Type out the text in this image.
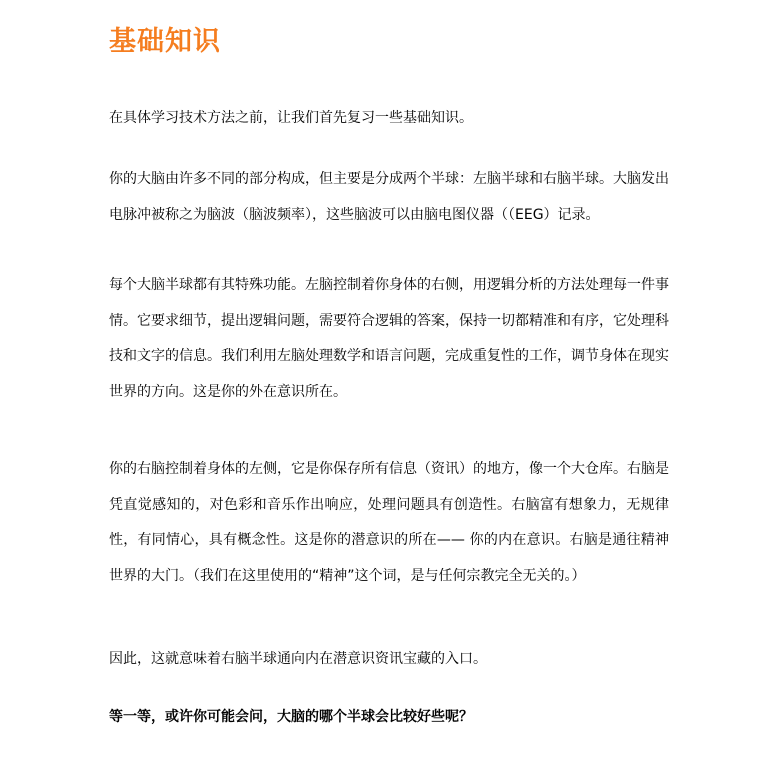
基础知识

在具体学习技术方法之前，让我们首先复习一些基础知识。

你的大脑由许多不同的部分构成，但主要是分成两个半球：左脑半球和右脑半球。大脑发出电脉冲被称之为脑波（脑波频率），这些脑波可以由脑电图仪器（（EEG）记录。

每个大脑半球都有其特殊功能。左脑控制着你身体的右侧，用逻辑分析的方法处理每一件事情。它要求细节，提出逻辑问题，需要符合逻辑的答案，保持一切都精准和有序，它处理科技和文字的信息。我们利用左脑处理数学和语言问题，完成重复性的工作，调节身体在现实世界的方向。这是你的外在意识所在。

你的右脑控制着身体的左侧，它是你保存所有信息（资讯）的地方，像一个大仓库。右脑是凭直觉感知的，对色彩和音乐作出响应，处理问题具有创造性。右脑富有想象力，无规律性，有同情心，具有概念性。这是你的潜意识的所在—— 你的内在意识。右脑是通往精神世界的大门。（我们在这里使用的“精神”这个词，是与任何宗教完全无关的。）

因此，这就意味着右脑半球通向内在潜意识资讯宝藏的入口。

等一等，或许你可能会问，大脑的哪个半球会比较好些呢？
